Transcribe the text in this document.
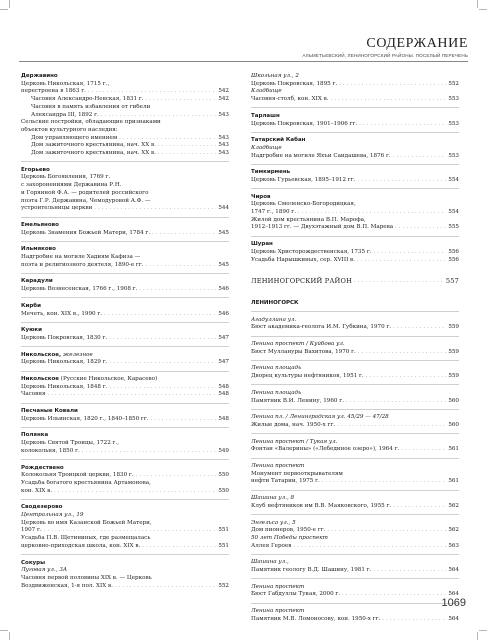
СОДЕРЖАНИЕ
АЛЬМЕТЬЕВСКИЙ, ЛЕНИНОГОРСКИЙ РАЙОНЫ. ПОСЕЛЫЙ ПЕРЕЧЕНЬ
Державино
Церковь Никольская, 1715 г.,
перестроена в 1863 г. . . .	542
Часовня Александро-Невская, 1831 г. . . .	542
Часовня в память избавления от гибели
Александра III, 1892 г. . . .	543
Сельские постройки, обладающие признаками
объектов культурного наследия:
Дом управляющего имением . . .	543
Дом зажиточного крестьянина, нач. XX в. . . .	543
Дом зажиточного крестьянина, нач. XX в. . . .	543
Егорьево
Церковь Богоявления, 1769 г.
с захоронениями Державина Р.Н.
и Горяиной Ф.А. — родителей российского
поэта Г.Р. Державина, Чемодуровой А.Ф. —
устроительницы церкви . . .	544
Емельяново
Церковь Знамения Божьей Матери, 1784 г. . . .	545
Ильмяково
Надгробие на могиле Хадиям Кафиза —
поэта и религиозного деятеля, 1890-е гг. . . .	545
Карадули
Церковь Вознесенская, 1766 г., 1908 г. . . .	546
Кирби
Мечеть, кон. XIX в., 1990 г. . . .	546
Куюки
Церковь Покровская, 1830 г. . . .	547
Никольское, железное
Церковь Никольская, 1829 г. . . .	547
Никольское (Русские Никольское, Карасево)
Церковь Никольская, 1848 г. . . .	548
Часовня . . .	548
Песчаные Ковали
Церковь Ильинская, 1820 г., 1840–1850 гг. . . .	548
Полянка
Церковь Святой Троицы, 1722 г.,
колокольня, 1850 г. . . .	549
Рождествено
Колокольня Троицкой церкви, 1830 г. . . .	550
Усадьба богатого крестьянина Артамонова,
кон. XIX в. . . .	550
Сводезерово
Центральная ул., 19
Церковь во имя Казанской Божьей Матери,
1907 г. . . .	551
Усадьба П.В. Щетининых, где размещалась
церковно-приходская школа, кон. XIX в. . . .	551
Сокуры
Луговая ул., 3А
Часовня первой половины XIX в. — Церковь
Воздвиженская, 1-я пол. XIX в. . . .	552
Школьная ул., 2
Церковь Покровская, 1895 г. . . .	552
Кладбище
Часовня-столб, кон. XIX в. . . .	553
Тарлашн
Церковь Покровская, 1901–1906 гг. . . .	553
Татарский Кабан
Кладбище
Надгробие на могиле Яхъи Саидашева, 1876 г. . . .	553
Тимкирмень
Церковь Гурьевская, 1895–1912 гг. . . .	554
Чиров
Церковь Смоленско-Богородицкая,
1747 г., 1890 г. . . .	554
Жилой дом крестьянина В.П. Марофа,
1912–1913 гг. — Двухэтажный дом В.П. Марева . . .	555
Шуран
Церковь Христорождественская, 1735 г. . . .	556
Усадьба Нарышкиных, сер. XVIII в. . . .	556
ЛЕНИНОГОРСКИЙ РАЙОН . . .	557
ЛЕНИНОГОРСК
Агадуллина ул.
Бюст академика-геолога И.М. Губкина, 1970 г. . . .	559
Ленина проспект / Куйбова ул.
Бюст Муллануры Вахитова, 1970 г. . . .	559
Ленина площадь
Дворец культуры нефтяников, 1951 г. . . .	559
Ленина площадь
Памятник В.И. Ленину, 1960 г. . . .	560
Ленина пл. / Ленинградская ул. 45/29 — 47/28
Жилые дома, нач. 1950-х гг. . . .	560
Ленина проспект / Тукая ул.
Фонтан «Валерины» («Лебединое озеро»), 1964 г. . . .	561
Ленина проспект
Монумент первооткрывателям
нефти Татарии, 1975 г. . . .	561
Шашина ул., 8
Клуб нефтяников им В.В. Маяковского, 1955 г. . . .	562
Энгельса ул., 5
Дом пионеров, 1950-е гг. . . .	562
50 лет Победы проспект
Аллея Героев . . .	563
Шашина ул.,
Памятник геологу В.Д. Шашину, 1981 г. . . .	564
Ленина проспект
Бюст Габдуллы Тукая, 2000 г. . . .	564
Ленина проспект
Памятник М.В. Ломоносову, кон. 1950-х гг. . . .	564
1069
